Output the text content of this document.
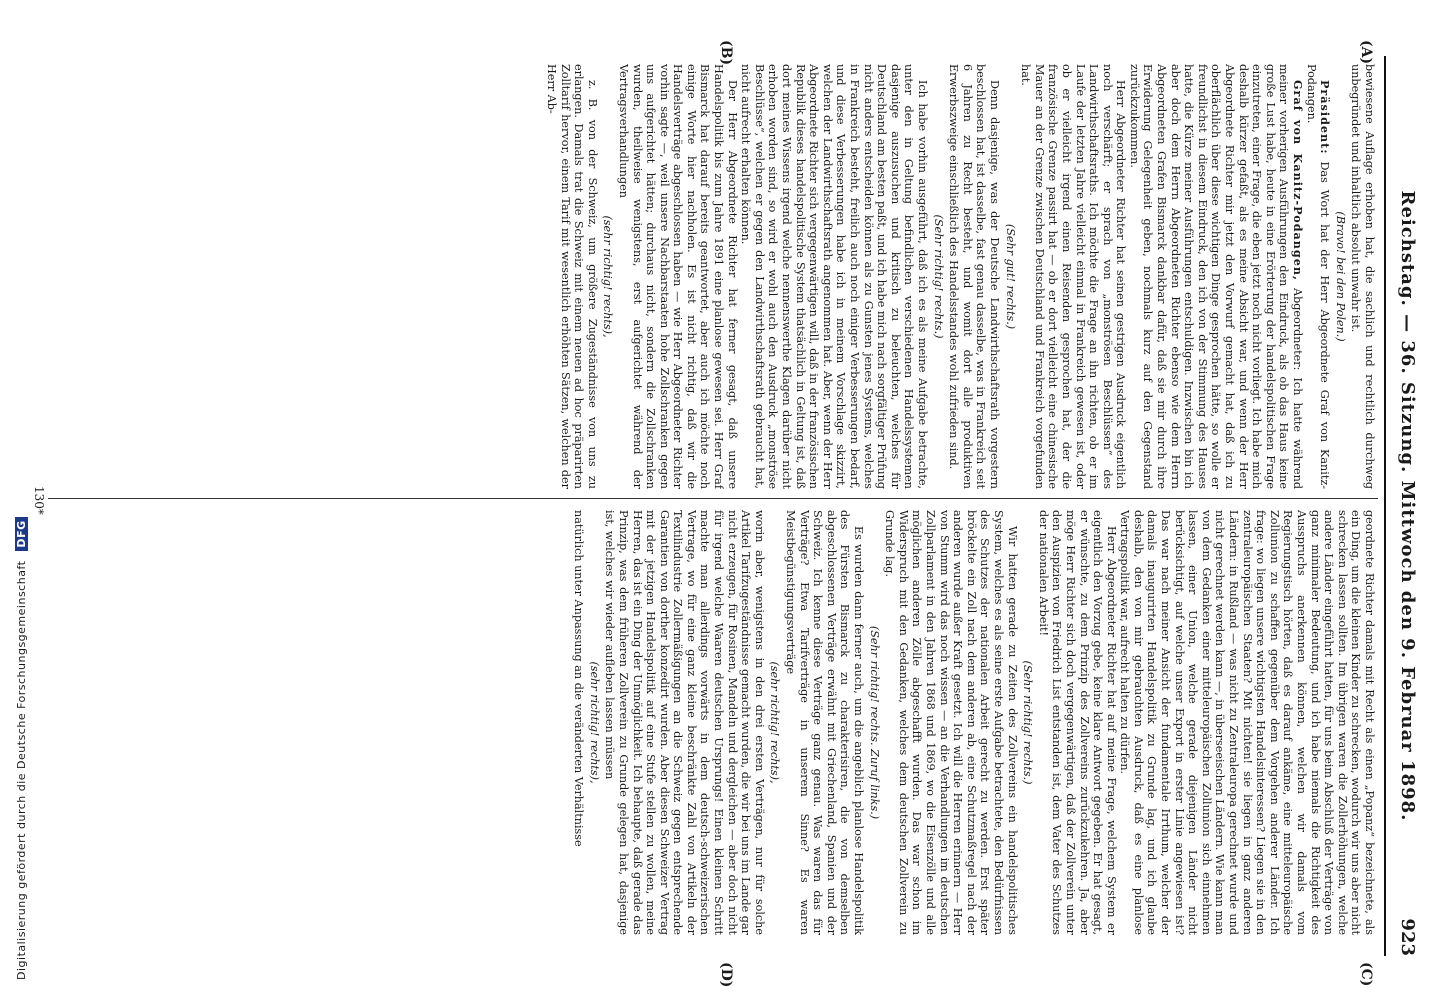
Reichstag. — 36. Sitzung. Mittwoch den 9. Februar 1898.
923
(A)
(B)
(C)
(D)

bewiesene Auflage erhoben hat, die sachlich und rechtlich durchweg unbegründet und inhaltlich absolut unwahr ist.

(Bravo! bei den Polen.)

Präsident: Das Wort hat der Herr Abgeordnete Graf von Kanitz-Podangen.

Graf von Kanitz-Podangen, Abgeordneter: Ich hatte während meiner vorherigen Ausführungen den Eindruck, als ob das Haus keine große Lust habe, heute in eine Erörterung der handelspolitischen Frage einzutreten, einer Frage, die eben jetzt noch nicht vorliegt. Ich habe mich deshalb kürzer gefaßt, als es meine Absicht war, und wenn der Herr Abgeordnete Richter mir jetzt den Vorwurf gemacht hat, daß ich zu oberflächlich über diese wichtigen Dinge gesprochen hätte, so wolle er freundlichst in diesem Eindruck, den ich von der Stimmung des Hauses hatte, die Kürze meiner Ausführungen entschuldigen. Inzwischen bin ich aber doch dem Herrn Abgeordneten Richter ebenso wie dem Herrn Abgeordneten Grafen Bismarck dankbar dafür, daß sie mir durch ihre Erwiderung Gelegenheit geben, nochmals kurz auf den Gegenstand zurückzukommen.

Herr Abgeordneter Richter hat seinen gestrigen Ausdruck eigentlich noch verschärft; er sprach von „monströsen Beschlüssen“ des Landwirthschaftsraths. Ich möchte die Frage an ihn richten, ob er im Laufe der letzten Jahre vielleicht einmal in Frankreich gewesen ist, oder ob er vielleicht irgend einen Reisenden gesprochen hat, der die französische Grenze passirt hat — ob er dort vielleicht eine chinesische Mauer an der Grenze zwischen Deutschland und Frankreich vorgefunden hat.

(Sehr gut! rechts.)

Denn dasjenige, was der Deutsche Landwirthschaftsrath vorgestern beschlossen hat, ist dasselbe, fast genau dasselbe, was in Frankreich seit 6 Jahren zu Recht besteht, und womit dort alle produktiven Erwerbszweige einschließlich des Handelsstandes wohl zufrieden sind.

(Sehr richtig! rechts.)

Ich habe vorhin ausgeführt, daß ich es als meine Aufgabe betrachte, unter den in Geltung befindlichen verschiedenen Handelssystemen dasjenige auszusuchen und kritisch zu beleuchten, welches für Deutschland am besten paßt, und ich habe mich nach sorgfältiger Prüfung nicht anders entscheiden können als zu Gunsten jenes Systems, welches in Frankreich besteht, freilich auch noch einiger Verbesserungen bedarf, und diese Verbesserungen habe ich in meinem Vorschlage skizzirt, welchen der Landwirthschaftsrath angenommen hat. Aber, wenn der Herr Abgeordnete Richter sich vergegenwärtigen will, daß in der französischen Republik dieses handelspolitische System thatsächlich in Geltung ist, daß dort meines Wissens irgend welche nennenswerthe Klagen darüber nicht erhoben worden sind, so wird er wohl auch den Ausdruck „monströse Beschlüsse“, welchen er gegen den Landwirthschaftsrath gebraucht hat, nicht aufrecht erhalten können.

Der Herr Abgeordnete Richter hat ferner gesagt, daß unsere Handelspolitik bis zum Jahre 1891 eine planlose gewesen sei. Herr Graf Bismarck hat darauf bereits geantwortet, aber auch ich möchte noch einige Worte hier nachholen. Es ist nicht richtig, daß wir die Handelsverträge abgeschlossen haben — wie Herr Abgeordneter Richter vorhin sagte —, weil unsere Nachbarstaaten hohe Zollschranken gegen uns aufgerichtet hätten; durchaus nicht, sondern die Zollschranken wurden, theilweise wenigstens, erst aufgerichtet während der Vertragsverhandlungen

(sehr richtig! rechts),

z. B. von der Schweiz, um größere Zugeständnisse von uns zu erlangen. Damals trat die Schweiz mit einem neuen ad hoc präparirten Zolltarif hervor, einem Tarif mit wesentlich erhöhten Sätzen, welchen der Herr Ab-

geordnete Richter damals mit Recht als einen „Popanz“ bezeichnete, als ein Ding, um die kleinen Kinder zu schrecken, wodurch wir uns aber nicht schrecken lassen sollten. Im übrigen waren die Zollerhöhungen, welche andere Länder eingeführt hatten, für uns beim Abschluß der Verträge von ganz minimaler Bedeutung, und ich habe niemals die Richtigkeit des Ausspruchs anerkennen können, welchen wir damals vom Regierungstisch hörten, daß es darauf ankäme, eine mitteleuropäische Zollunion zu schaffen gegenüber dem Vorgehen anderer Länder. Ich frage: wo liegen unsere wichtigsten Handelsinteressen? Liegen sie in den zentraleuropäischen Staaten? Mit nichten! sie liegen in ganz anderen Ländern: in Rußland — was nicht zu Zentraleuropa gerechnet wurde und nicht gerechnet werden kann —, in überseeischen Ländern. Wie kann man von dem Gedanken einer mitteleuropäischen Zollunion sich einnehmen lassen, einer Union, welche gerade diejenigen Länder nicht berücksichtigt, auf welche unser Export in erster Linie angewiesen ist? Das war nach meiner Ansicht der fundamentale Irrthum, welcher der damals inaugurirten Handelspolitik zu Grunde lag, und ich glaube deshalb, den von mir gebrauchten Ausdruck, daß es eine planlose Vertragspolitik war, aufrecht halten zu dürfen.

Herr Abgeordneter Richter hat auf meine Frage, welchem System er eigentlich den Vorzug gebe, keine klare Antwort gegeben. Er hat gesagt, er wünschte, zu dem Prinzip des Zollvereins zurückzukehren. Ja, aber möge Herr Richter sich doch vergegenwärtigen, daß der Zollverein unter den Auspizien von Friedrich List entstanden ist, dem Vater des Schutzes der nationalen Arbeit!

(Sehr richtig! rechts.)

Wir hatten gerade zu Zeiten des Zollvereins ein handelspolitisches System, welches es als seine erste Aufgabe betrachtete, den Bedürfnissen des Schutzes der nationalen Arbeit gerecht zu werden. Erst später bröckelte ein Zoll nach dem anderen ab, eine Schutzmaßregel nach der anderen wurde außer Kraft gesetzt. Ich will die Herren erinnern — Herr von Stumm wird das noch wissen — an die Verhandlungen im deutschen Zollparlament in den Jahren 1868 und 1869, wo die Eisenzölle und alle möglichen anderen Zölle abgeschafft wurden. Das war schon im Widerspruch mit den Gedanken, welches dem deutschen Zollverein zu Grunde lag.

(Sehr richtig! rechts. Zuruf links.)

Es wurden dann ferner auch, um die angeblich planlose Handelspolitik des Fürsten Bismarck zu charakterisiren, die von demselben abgeschlossenen Verträge erwähnt mit Griechenland, Spanien und der Schweiz. Ich kenne diese Verträge ganz genau. Was waren das für Verträge? Etwa Tarifverträge in unserem Sinne? Es waren Meistbegünstigungsverträge

(sehr richtig! rechts),

worin aber, wenigstens in den drei ersten Verträgen, nur für solche Artikel Tarifzugeständnisse gemacht wurden, die wir bei uns im Lande gar nicht erzeugen, für Rosinen, Mandeln und dergleichen — aber doch nicht für irgend welche Waaren deutschen Ursprungs! Einen kleinen Schritt machte man allerdings vorwärts in dem deutsch-schweizerischen Vertrage, wo für eine ganz kleine beschränkte Zahl von Artikeln der Textilindustrie Zollermäßigungen an die Schweiz gegen entsprechende Garantien von dorther konzedirt wurden. Aber diesen Schweizer Vertrag mit der jetzigen Handelspolitik auf eine Stufe stellen zu wollen, meine Herren, das ist ein Ding der Unmöglichkeit. Ich behaupte, daß gerade das Prinzip, was dem früheren Zollverein zu Grunde gelegen hat, dasjenige ist, welches wir wieder aufleben lassen müssen

(sehr richtig! rechts),

natürlich unter Anpassung an die veränderten Verhältnisse

130*
Digitalisierung gefördert durch die Deutsche Forschungsgemeinschaft DFG
